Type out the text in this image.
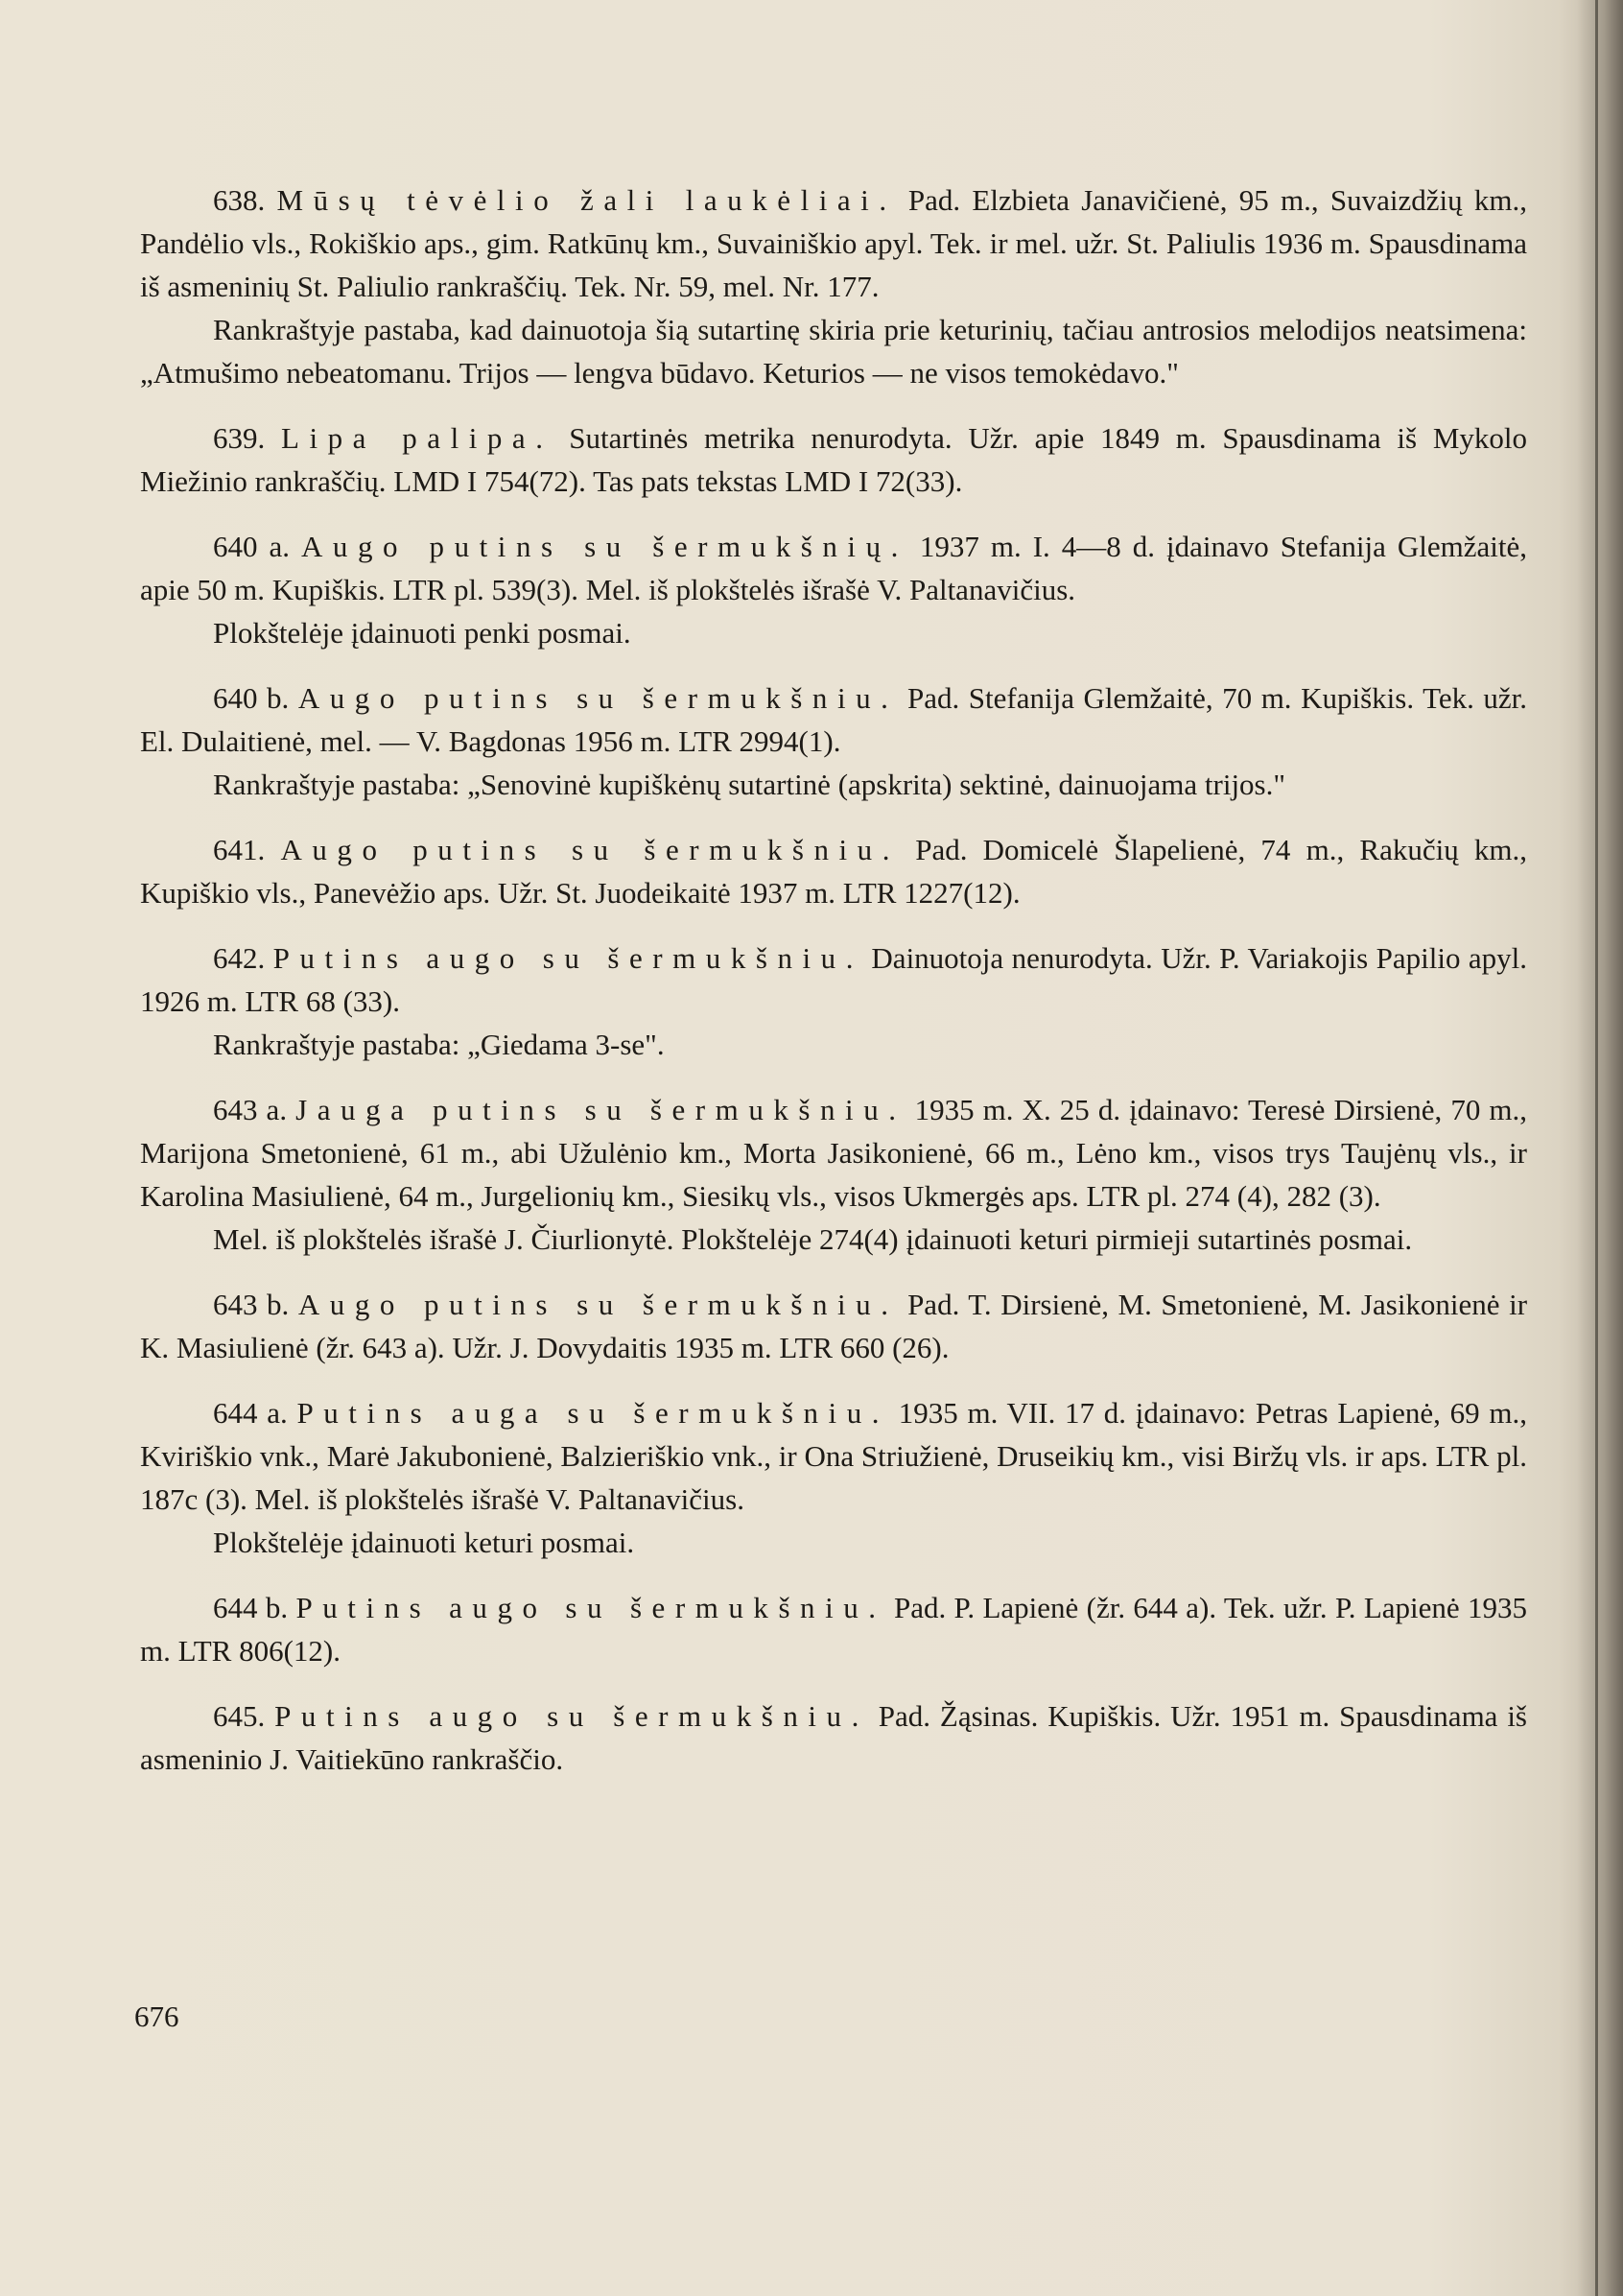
638. Mūsų tėvėlio žali laukėliai. Pad. Elzbieta Janavičienė, 95 m., Suvaizdžių km., Pandėlio vls., Rokiškio aps., gim. Ratkūnų km., Suvainiškio apyl. Tek. ir mel. užr. St. Paliulis 1936 m. Spausdinama iš asmeninių St. Paliulio rankraščių. Tek. Nr. 59, mel. Nr. 177.

Rankraštyje pastaba, kad dainuotoja šią sutartinę skiria prie keturinių, tačiau antrosios melodijos neatsimena: „Atmušimo nebeatomanu. Trijos — lengva būdavo. Keturios — ne visos temokėdavo."

639. Lipa palipa. Sutartinės metrika nenurodyta. Užr. apie 1849 m. Spausdinama iš Mykolo Miežinio rankraščių. LMD I 754(72). Tas pats tekstas LMD I 72(33).

640 a. Augo putins su šermukšnių. 1937 m. I. 4—8 d. įdainavo Stefanija Glemžaitė, apie 50 m. Kupiškis. LTR pl. 539(3). Mel. iš plokštelės išrašė V. Paltanavičius.

Plokštelėje įdainuoti penki posmai.

640 b. Augo putins su šermukšniu. Pad. Stefanija Glemžaitė, 70 m. Kupiškis. Tek. užr. El. Dulaitienė, mel. — V. Bagdonas 1956 m. LTR 2994(1).

Rankraštyje pastaba: „Senovinė kupiškėnų sutartinė (apskrita) sektinė, dainuojama trijos."

641. Augo putins su šermukšniu. Pad. Domicelė Šlapelienė, 74 m., Rakučių km., Kupiškio vls., Panevėžio aps. Užr. St. Juodeikaitė 1937 m. LTR 1227(12).

642. Putins augo su šermukšniu. Dainuotoja nenurodyta. Užr. P. Variakojis Papilio apyl. 1926 m. LTR 68 (33).

Rankraštyje pastaba: „Giedama 3-se".

643 a. Jauga putins su šermukšniu. 1935 m. X. 25 d. įdainavo: Teresė Dirsienė, 70 m., Marijona Smetonienė, 61 m., abi Užulėnio km., Morta Jasikonienė, 66 m., Lėno km., visos trys Taujėnų vls., ir Karolina Masiulienė, 64 m., Jurgelionių km., Siesikų vls., visos Ukmergės aps. LTR pl. 274 (4), 282 (3).

Mel. iš plokštelės išrašė J. Čiurlionytė. Plokštelėje 274(4) įdainuoti keturi pirmieji sutartinės posmai.

643 b. Augo putins su šermukšniu. Pad. T. Dirsienė, M. Smetonienė, M. Jasikonienė ir K. Masiulienė (žr. 643 a). Užr. J. Dovydaitis 1935 m. LTR 660 (26).

644 a. Putins auga su šermukšniu. 1935 m. VII. 17 d. įdainavo: Petras Lapienė, 69 m., Kviriškio vnk., Marė Jakubonienė, Balzieriškio vnk., ir Ona Striužienė, Druseikių km., visi Biržų vls. ir aps. LTR pl. 187c (3). Mel. iš plokštelės išrašė V. Paltanavičius.

Plokštelėje įdainuoti keturi posmai.

644 b. Putins augo su šermukšniu. Pad. P. Lapienė (žr. 644 a). Tek. užr. P. Lapienė 1935 m. LTR 806(12).

645. Putins augo su šermukšniu. Pad. Žąsinas. Kupiškis. Užr. 1951 m. Spausdinama iš asmeninio J. Vaitiekūno rankraščio.

676
